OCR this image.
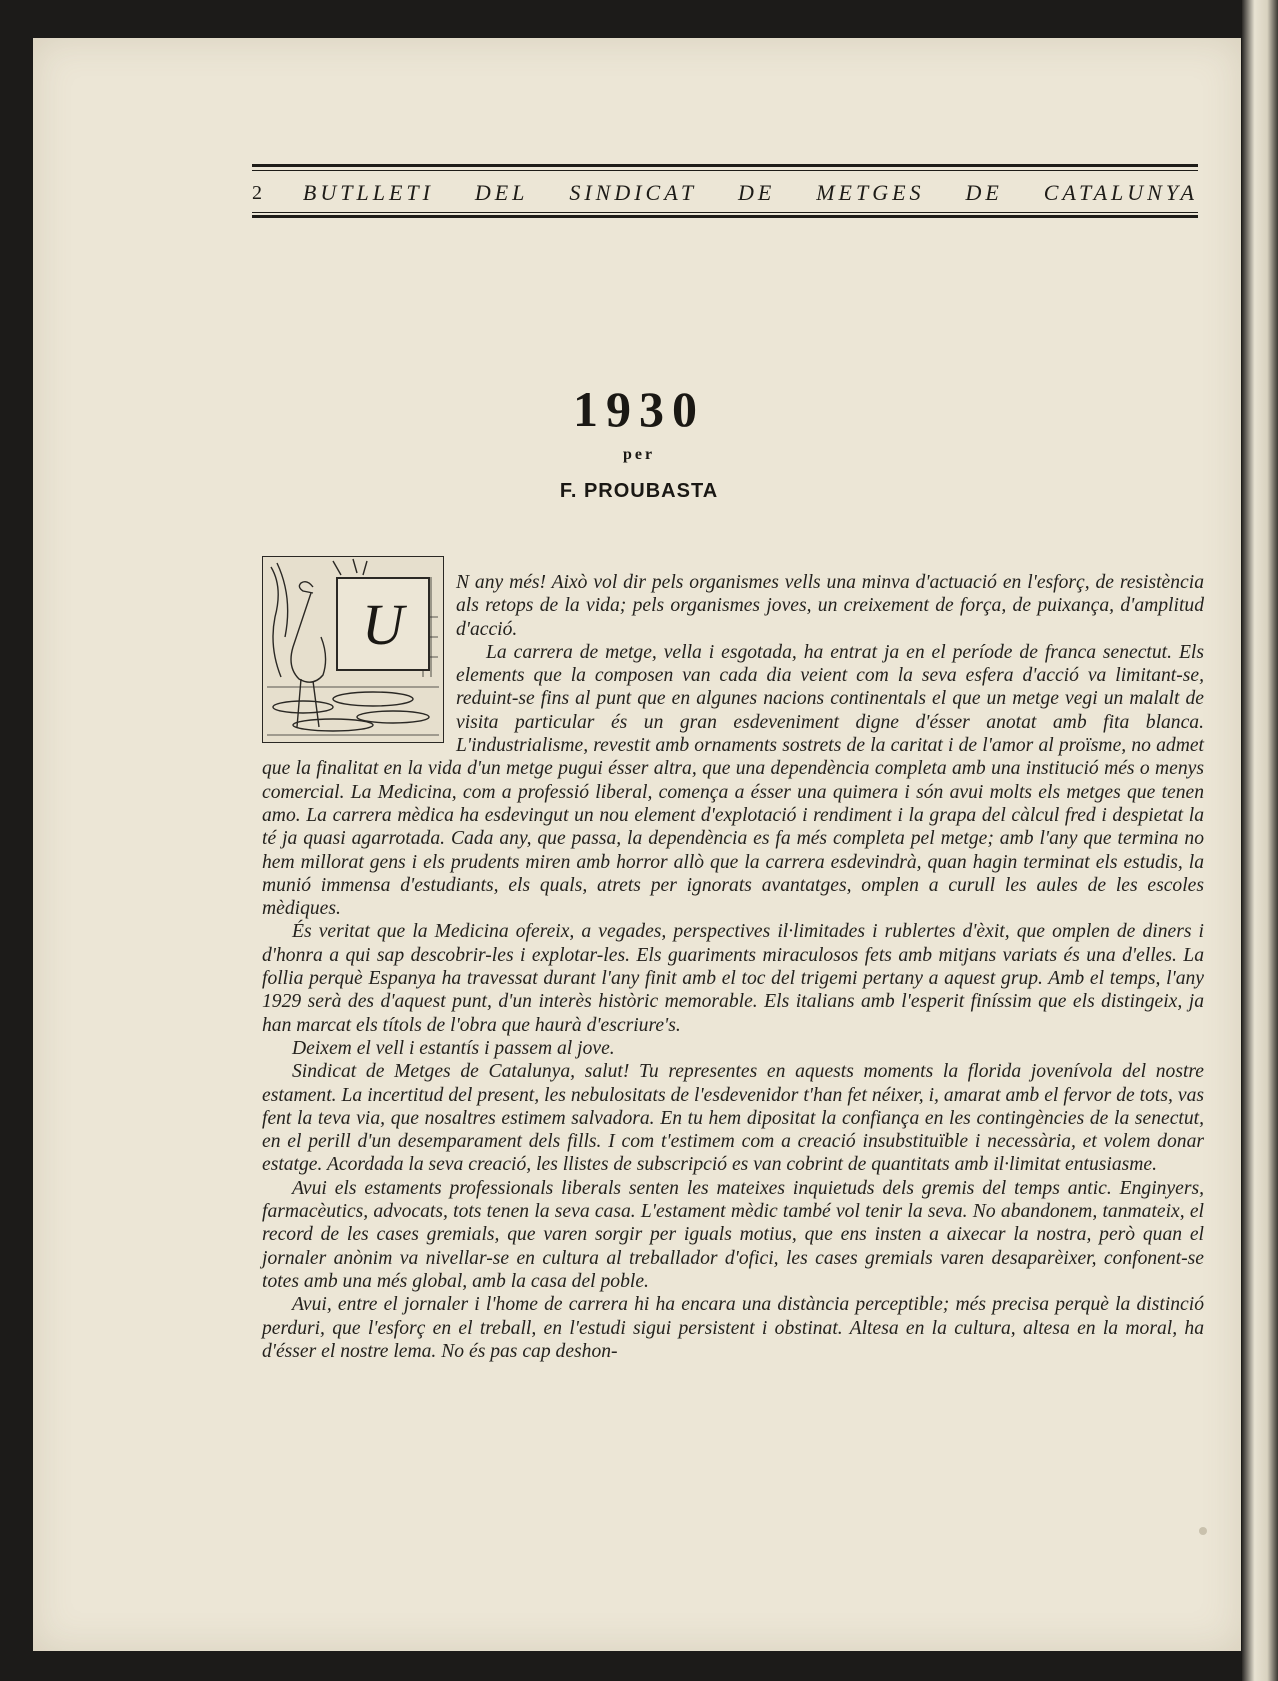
2 BUTLLETI DEL SINDICAT DE METGES DE CATALUNYA
1930
per
F. PROUBASTA
U

N any més! Això vol dir pels organismes vells una minva d'actuació en l'esforç, de resistència als retops de la vida; pels organismes joves, un creixement de força, de puixança, d'amplitud d'acció.

La carrera de metge, vella i esgotada, ha entrat ja en el període de franca senectut. Els elements que la composen van cada dia veient com la seva esfera d'acció va limitant-se, reduint-se fins al punt que en algunes nacions continentals el que un metge vegi un malalt de visita particular és un gran esdeveniment digne d'ésser anotat amb fita blanca. L'industrialisme, revestit amb ornaments sostrets de la caritat i de l'amor al proïsme, no admet que la finalitat en la vida d'un metge pugui ésser altra, que una dependència completa amb una institució més o menys comercial. La Medicina, com a professió liberal, comença a ésser una quimera i són avui molts els metges que tenen amo. La carrera mèdica ha esdevingut un nou element d'explotació i rendiment i la grapa del càlcul fred i despietat la té ja quasi agarrotada. Cada any, que passa, la dependència es fa més completa pel metge; amb l'any que termina no hem millorat gens i els prudents miren amb horror allò que la carrera esdevindrà, quan hagin terminat els estudis, la munió immensa d'estudiants, els quals, atrets per ignorats avantatges, omplen a curull les aules de les escoles mèdiques.

És veritat que la Medicina ofereix, a vegades, perspectives il·limitades i rublertes d'èxit, que omplen de diners i d'honra a qui sap descobrir-les i explotar-les. Els guariments miraculosos fets amb mitjans variats és una d'elles. La follia perquè Espanya ha travessat durant l'any finit amb el toc del trigemi pertany a aquest grup. Amb el temps, l'any 1929 serà des d'aquest punt, d'un interès històric memorable. Els italians amb l'esperit finíssim que els distingeix, ja han marcat els títols de l'obra que haurà d'escriure's.

Deixem el vell i estantís i passem al jove.

Sindicat de Metges de Catalunya, salut! Tu representes en aquests moments la florida jovenívola del nostre estament. La incertitud del present, les nebulositats de l'esdevenidor t'han fet néixer, i, amarat amb el fervor de tots, vas fent la teva via, que nosaltres estimem salvadora. En tu hem dipositat la confiança en les contingències de la senectut, en el perill d'un desemparament dels fills. I com t'estimem com a creació insubstituïble i necessària, et volem donar estatge. Acordada la seva creació, les llistes de subscripció es van cobrint de quantitats amb il·limitat entusiasme.

Avui els estaments professionals liberals senten les mateixes inquietuds dels gremis del temps antic. Enginyers, farmacèutics, advocats, tots tenen la seva casa. L'estament mèdic també vol tenir la seva. No abandonem, tanmateix, el record de les cases gremials, que varen sorgir per iguals motius, que ens insten a aixecar la nostra, però quan el jornaler anònim va nivellar-se en cultura al treballador d'ofici, les cases gremials varen desaparèixer, confonent-se totes amb una més global, amb la casa del poble.

Avui, entre el jornaler i l'home de carrera hi ha encara una distància perceptible; més precisa perquè la distinció perduri, que l'esforç en el treball, en l'estudi sigui persistent i obstinat. Altesa en la cultura, altesa en la moral, ha d'ésser el nostre lema. No és pas cap deshon-
